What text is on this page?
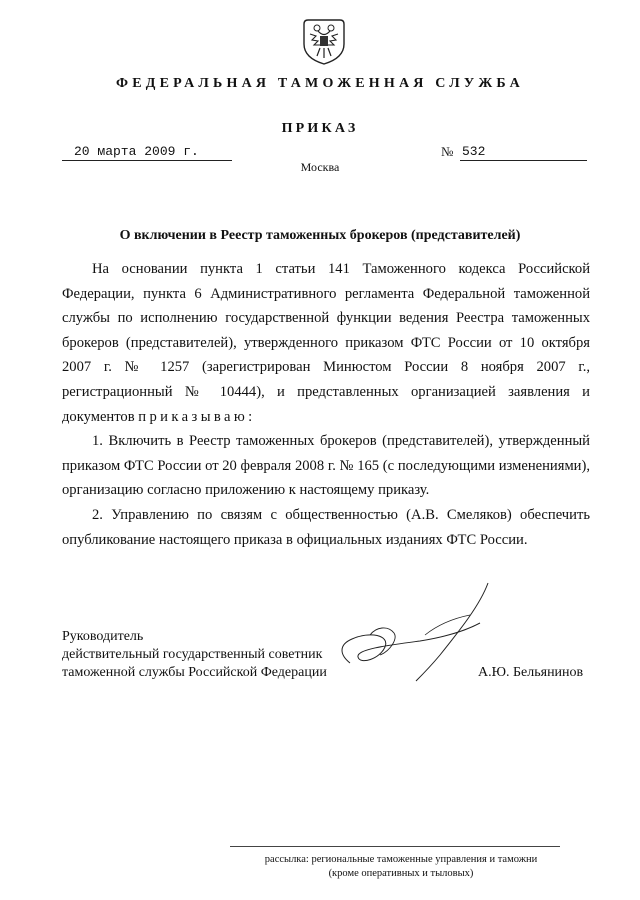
ФЕДЕРАЛЬНАЯ ТАМОЖЕННАЯ СЛУЖБА
ПРИКАЗ
20 марта 2009 г.	№ 532
Москва
О включении в Реестр таможенных брокеров (представителей)

На основании пункта 1 статьи 141 Таможенного кодекса Российской Федерации, пункта 6 Административного регламента Федеральной таможенной службы по исполнению государственной функции ведения Реестра таможенных брокеров (представителей), утвержденного приказом ФТС России от 10 октября 2007 г. № 1257 (зарегистрирован Минюстом России 8 ноября 2007 г., регистрационный № 10444), и представленных организацией заявления и документов приказываю:

1. Включить в Реестр таможенных брокеров (представителей), утвержденный приказом ФТС России от 20 февраля 2008 г. № 165 (с последующими изменениями), организацию согласно приложению к настоящему приказу.

2. Управлению по связям с общественностью (А.В. Смеляков) обеспечить опубликование настоящего приказа в официальных изданиях ФТС России.

Руководитель
действительный государственный советник
таможенной службы Российской Федерации	А.Ю. Бельянинов
рассылка: региональные таможенные управления и таможни
(кроме оперативных и тыловых)
